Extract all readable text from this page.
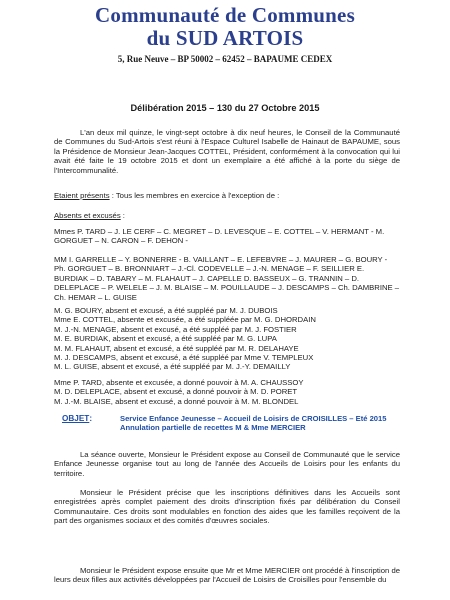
Communauté de Communes
du SUD ARTOIS
5, Rue Neuve – BP 50002 – 62452 – BAPAUME CEDEX
Délibération 2015 – 130 du 27 Octobre 2015
L'an deux mil quinze, le vingt-sept octobre à dix neuf heures, le Conseil de la Communauté de Communes du Sud-Artois s'est réuni à l'Espace Culturel Isabelle de Hainaut de BAPAUME, sous la Présidence de Monsieur Jean-Jacques COTTEL, Président, conformément à la convocation qui lui avait été faite le 19 octobre 2015 et dont un exemplaire a été affiché à la porte du siège de l'Intercommunalité.
Etaient présents : Tous les membres en exercice à l'exception de :
Absents et excusés :
Mmes P. TARD – J. LE CERF – C. MEGRET – D. LEVESQUE – E. COTTEL – V. HERMANT - M.
GORGUET – N. CARON – F. DEHON -
MM I. GARRELLE – Y. BONNERRE - B. VAILLANT – E. LEFEBVRE – J. MAURER – G. BOURY -
Ph. GORGUET – B. BRONNIART – J.-Cl. CODEVELLE – J.-N. MENAGE – F. SEILLIER E.
BURDIAK – D. TABARY – M. FLAHAUT – J. CAPELLE D. BASSEUX – G. TRANNIN – D.
DELEPLACE – P. WELELE – J. M. BLAISE – M. POUILLAUDE – J. DESCAMPS – Ch. DAMBRINE –
Ch. HEMAR – L. GUISE
M. G. BOURY, absent et excusé, a été suppléé par M. J. DUBOIS
Mme E. COTTEL, absente et excusée, a été suppléée par M. G. DHORDAIN
M. J.-N. MENAGE, absent et excusé, a été suppléé par M. J. FOSTIER
M. E. BURDIAK, absent et excusé, a été suppléé par M. G. LUPA
M. M. FLAHAUT, absent et excusé, a été suppléé par M. R. DELAHAYE
M. J. DESCAMPS, absent et excusé, a été suppléé par Mme V. TEMPLEUX
M. L. GUISE, absent et excusé, a été suppléé par M. J.-Y. DEMAILLY
Mme P. TARD, absente et excusée, a donné pouvoir à M. A. CHAUSSOY
M. D. DELEPLACE, absent et excusé, a donné pouvoir à M. D. PORET
M. J.-M. BLAISE, absent et excusé, a donné pouvoir à M. M. BLONDEL
OBJET:	Service Enfance Jeunesse – Accueil de Loisirs de CROISILLES – Eté 2015
Annulation partielle de recettes M & Mme MERCIER
La séance ouverte, Monsieur le Président expose au Conseil de Communauté que le service Enfance Jeunesse organise tout au long de l'année des Accueils de Loisirs pour les enfants du territoire.
Monsieur le Président précise que les inscriptions définitives dans les Accueils sont enregistrées après complet paiement des droits d'inscription fixés par délibération du Conseil Communautaire. Ces droits sont modulables en fonction des aides que les familles reçoivent de la part des organismes sociaux et des comités d'œuvres sociales.
Monsieur le Président expose ensuite que Mr et Mme MERCIER ont procédé à l'inscription de leurs deux filles aux activités développées par l'Accueil de Loisirs de Croisilles pour l'ensemble du
